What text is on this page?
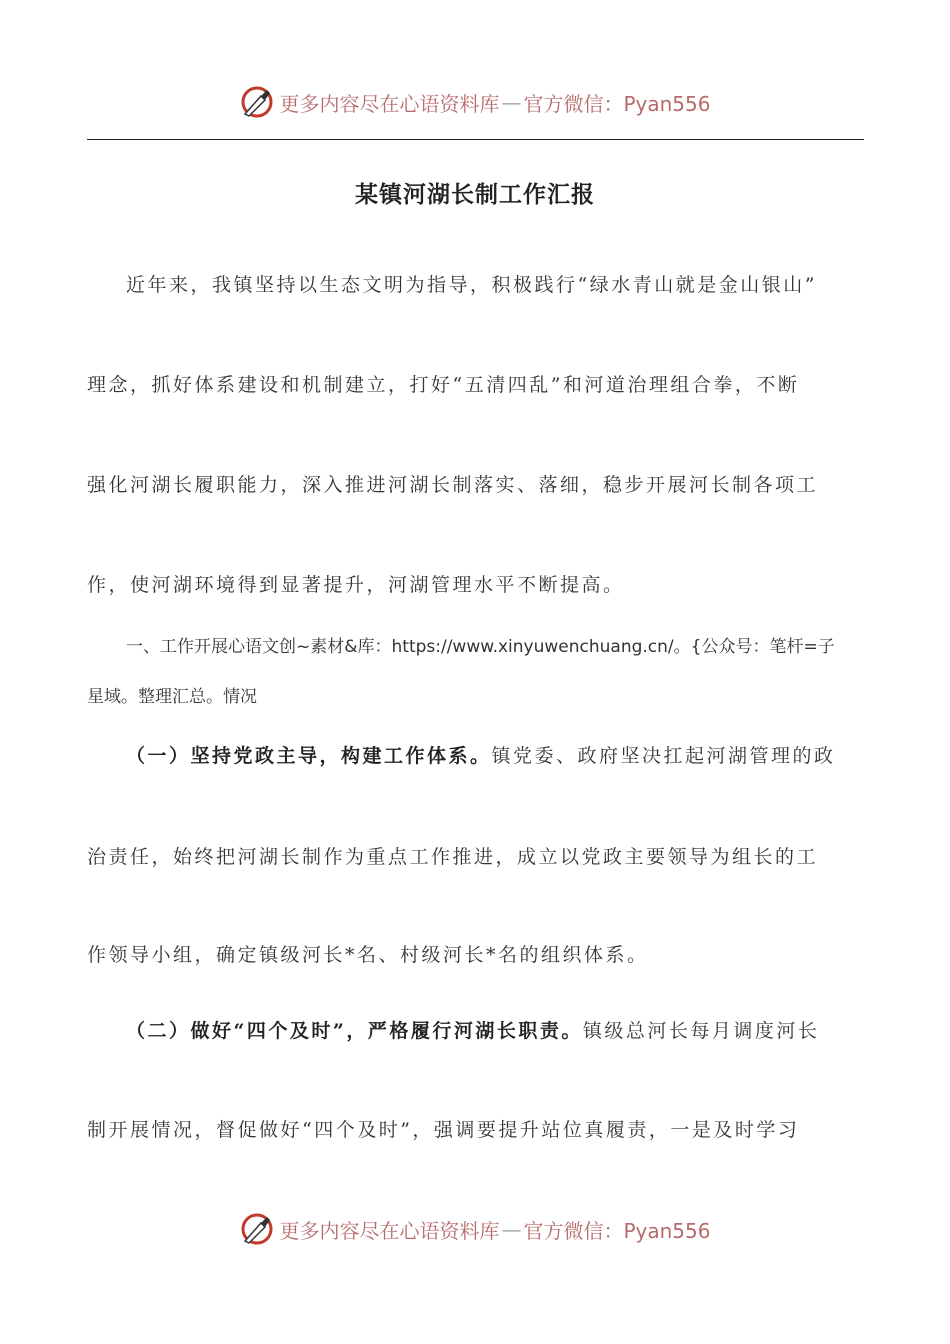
更多内容尽在心语资料库 — 官方微信：Pyan556
某镇河湖长制工作汇报
近年来，我镇坚持以生态文明为指导，积极践行“绿水青山就是金山银山”
理念，抓好体系建设和机制建立，打好“五清四乱”和河道治理组合拳，不断
强化河湖长履职能力，深入推进河湖长制落实、落细，稳步开展河长制各项工
作，使河湖环境得到显著提升，河湖管理水平不断提高。
一、工作开展心语文创~素材&库：https://www.xinyuwenchuang.cn/。{公众号：笔杆=子
星域。整理汇总。情况
（一）坚持党政主导，构建工作体系。镇党委、政府坚决扛起河湖管理的政
治责任，始终把河湖长制作为重点工作推进，成立以党政主要领导为组长的工
作领导小组，确定镇级河长*名、村级河长*名的组织体系。
（二）做好“四个及时”，严格履行河湖长职责。镇级总河长每月调度河长
制开展情况，督促做好“四个及时”，强调要提升站位真履责，一是及时学习
更多内容尽在心语资料库 — 官方微信：Pyan556
